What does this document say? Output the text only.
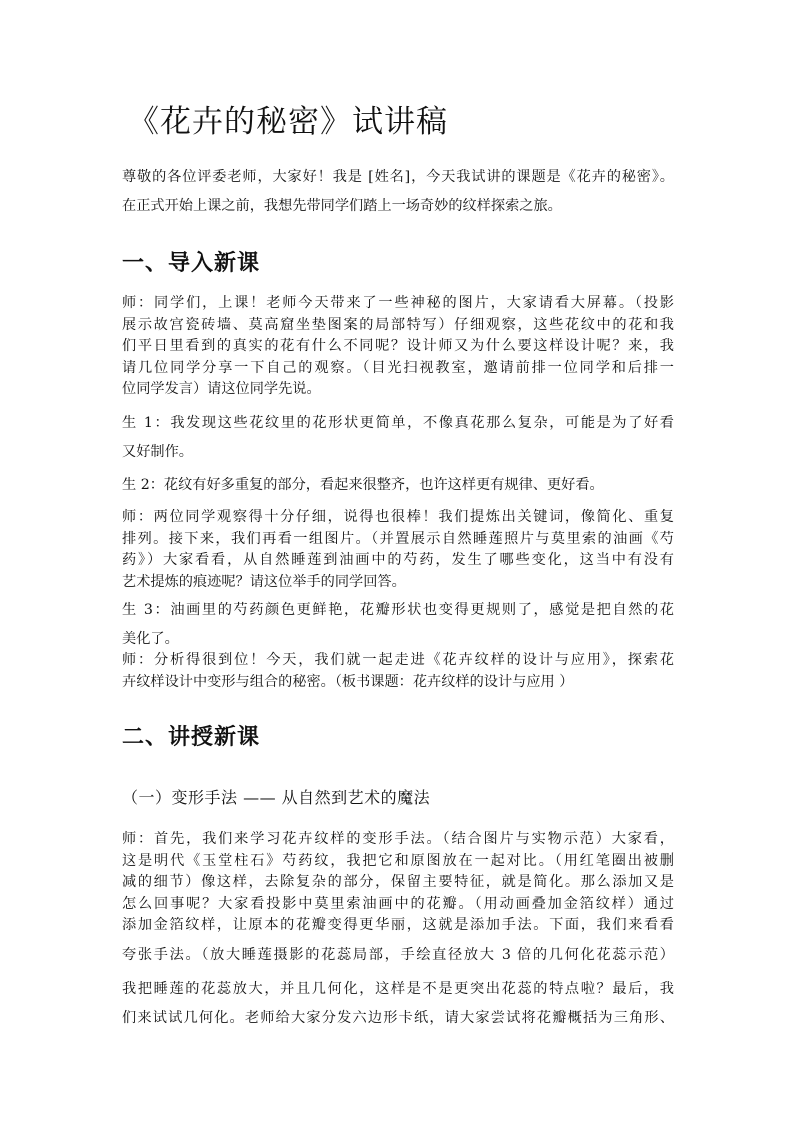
《花卉的秘密》试讲稿
尊敬的各位评委老师，大家好！我是 [姓名]，今天我试讲的课题是《花卉的秘密》。
在正式开始上课之前，我想先带同学们踏上一场奇妙的纹样探索之旅。
一、导入新课
师：同学们，上课！老师今天带来了一些神秘的图片，大家请看大屏幕。（投影
展示故宫瓷砖墙、莫高窟坐垫图案的局部特写）仔细观察，这些花纹中的花和我
们平日里看到的真实的花有什么不同呢？设计师又为什么要这样设计呢？来，我
请几位同学分享一下自己的观察。（目光扫视教室，邀请前排一位同学和后排一
位同学发言）请这位同学先说。
生 1：我发现这些花纹里的花形状更简单，不像真花那么复杂，可能是为了好看
又好制作。
生 2：花纹有好多重复的部分，看起来很整齐，也许这样更有规律、更好看。
师：两位同学观察得十分仔细，说得也很棒！我们提炼出关键词，像简化、重复
排列。接下来，我们再看一组图片。（并置展示自然睡莲照片与莫里索的油画《芍
药》）大家看看，从自然睡莲到油画中的芍药，发生了哪些变化，这当中有没有
艺术提炼的痕迹呢？请这位举手的同学回答。
生 3：油画里的芍药颜色更鲜艳，花瓣形状也变得更规则了，感觉是把自然的花
美化了。
师：分析得很到位！今天，我们就一起走进《花卉纹样的设计与应用》，探索花
卉纹样设计中变形与组合的秘密。（板书课题：花卉纹样的设计与应用 ）
二、讲授新课
（一）变形手法 —— 从自然到艺术的魔法
师：首先，我们来学习花卉纹样的变形手法。（结合图片与实物示范）大家看，
这是明代《玉堂柱石》芍药纹，我把它和原图放在一起对比。（用红笔圈出被删
减的细节）像这样，去除复杂的部分，保留主要特征，就是简化。那么添加又是
怎么回事呢？大家看投影中莫里索油画中的花瓣。（用动画叠加金箔纹样）通过
添加金箔纹样，让原本的花瓣变得更华丽，这就是添加手法。下面，我们来看看
夸张手法。（放大睡莲摄影的花蕊局部，手绘直径放大 3 倍的几何化花蕊示范）
我把睡莲的花蕊放大，并且几何化，这样是不是更突出花蕊的特点啦？最后，我
们来试试几何化。老师给大家分发六边形卡纸，请大家尝试将花瓣概括为三角形、
